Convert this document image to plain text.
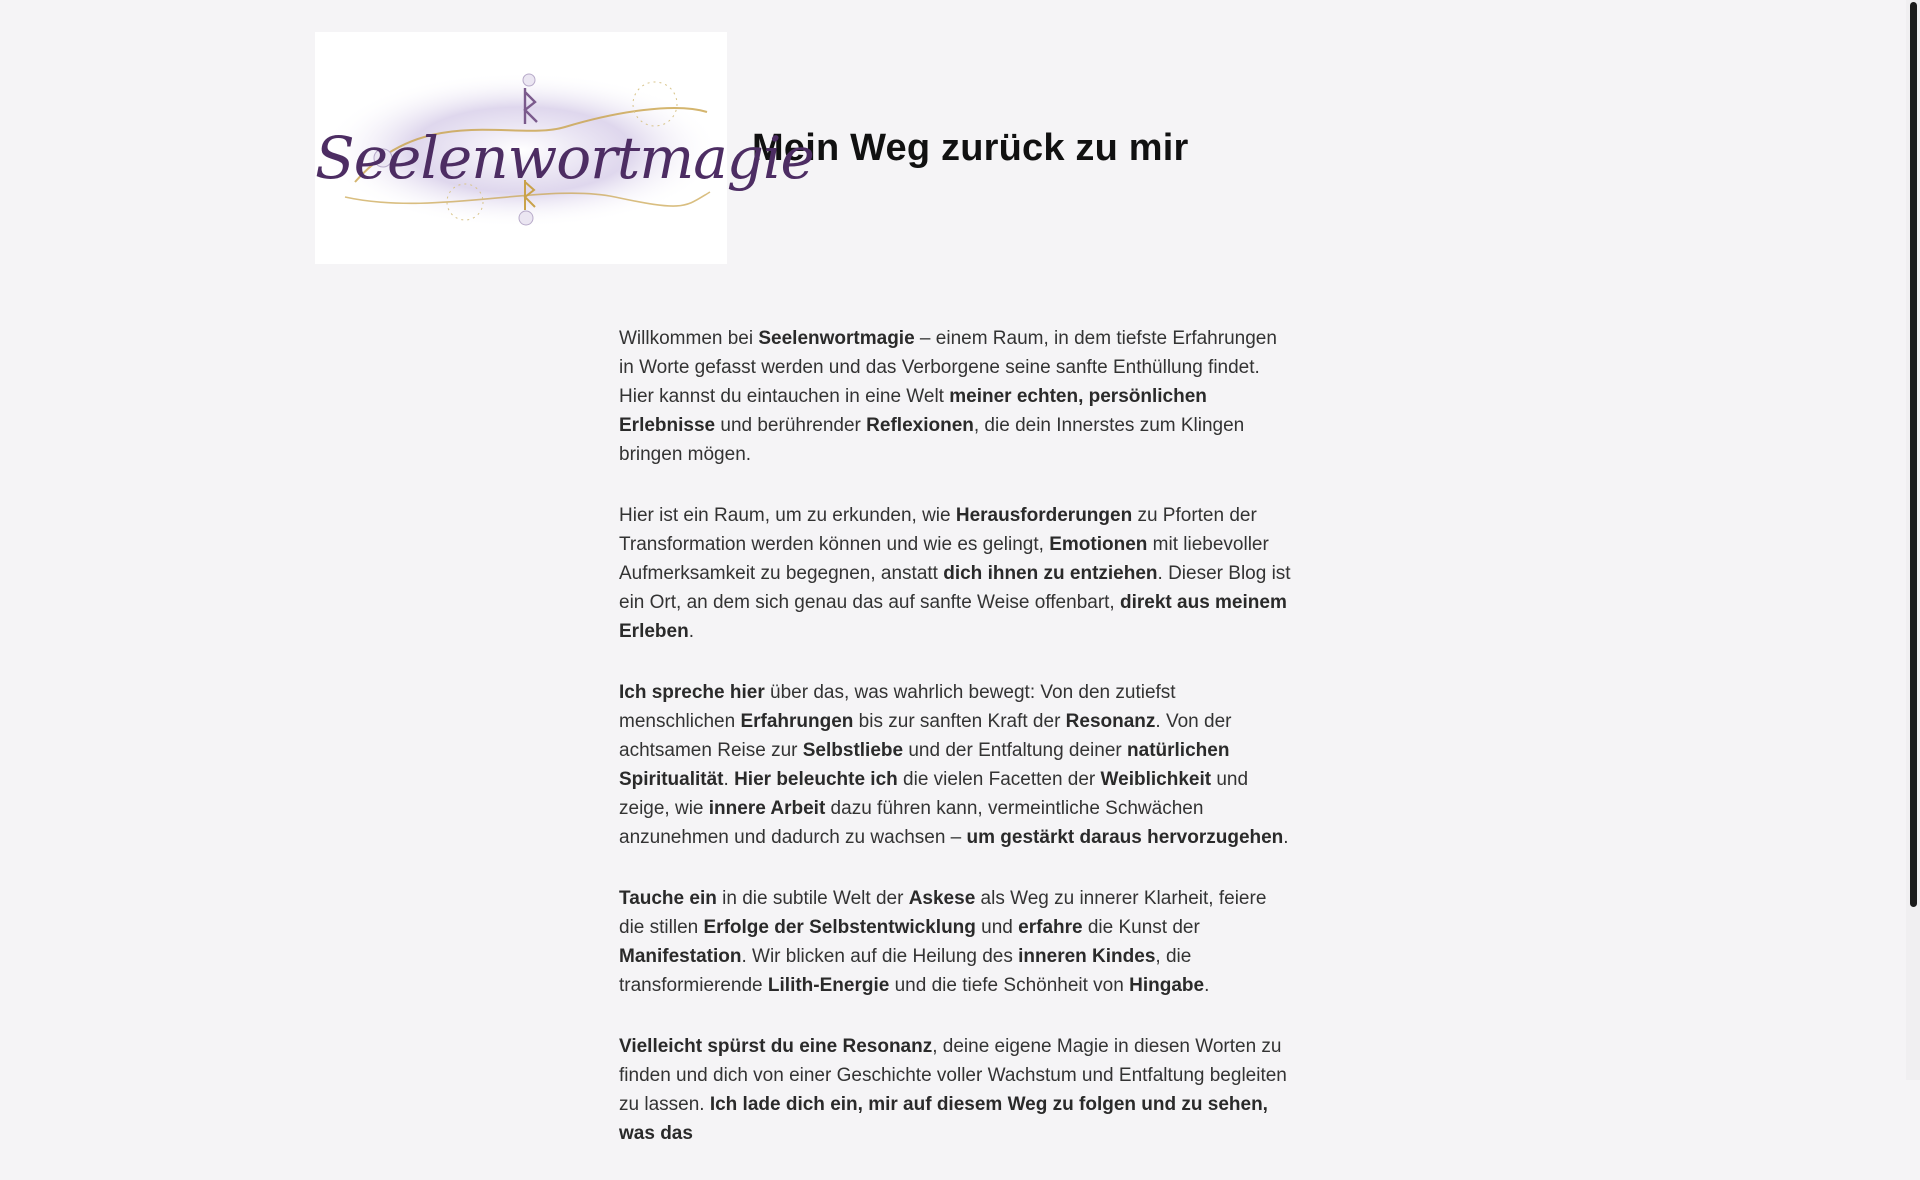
Seelenwortmagie
Mein Weg zurück zu mir

Willkommen bei Seelenwortmagie – einem Raum, in dem tiefste Erfahrungen in Worte gefasst werden und das Verborgene seine sanfte Enthüllung findet. Hier kannst du eintauchen in eine Welt meiner echten, persönlichen Erlebnisse und berührender Reflexionen, die dein Innerstes zum Klingen bringen mögen.

Hier ist ein Raum, um zu erkunden, wie Herausforderungen zu Pforten der Transformation werden können und wie es gelingt, Emotionen mit liebevoller Aufmerksamkeit zu begegnen, anstatt dich ihnen zu entziehen. Dieser Blog ist ein Ort, an dem sich genau das auf sanfte Weise offenbart, direkt aus meinem Erleben.

Ich spreche hier über das, was wahrlich bewegt: Von den zutiefst menschlichen Erfahrungen bis zur sanften Kraft der Resonanz. Von der achtsamen Reise zur Selbstliebe und der Entfaltung deiner natürlichen Spiritualität. Hier beleuchte ich die vielen Facetten der Weiblichkeit und zeige, wie innere Arbeit dazu führen kann, vermeintliche Schwächen anzunehmen und dadurch zu wachsen – um gestärkt daraus hervorzugehen.

Tauche ein in die subtile Welt der Askese als Weg zu innerer Klarheit, feiere die stillen Erfolge der Selbstentwicklung und erfahre die Kunst der Manifestation. Wir blicken auf die Heilung des inneren Kindes, die transformierende Lilith-Energie und die tiefe Schönheit von Hingabe.

Vielleicht spürst du eine Resonanz, deine eigene Magie in diesen Worten zu finden und dich von einer Geschichte voller Wachstum und Entfaltung begleiten zu lassen. Ich lade dich ein, mir auf diesem Weg zu folgen und zu sehen, was das
